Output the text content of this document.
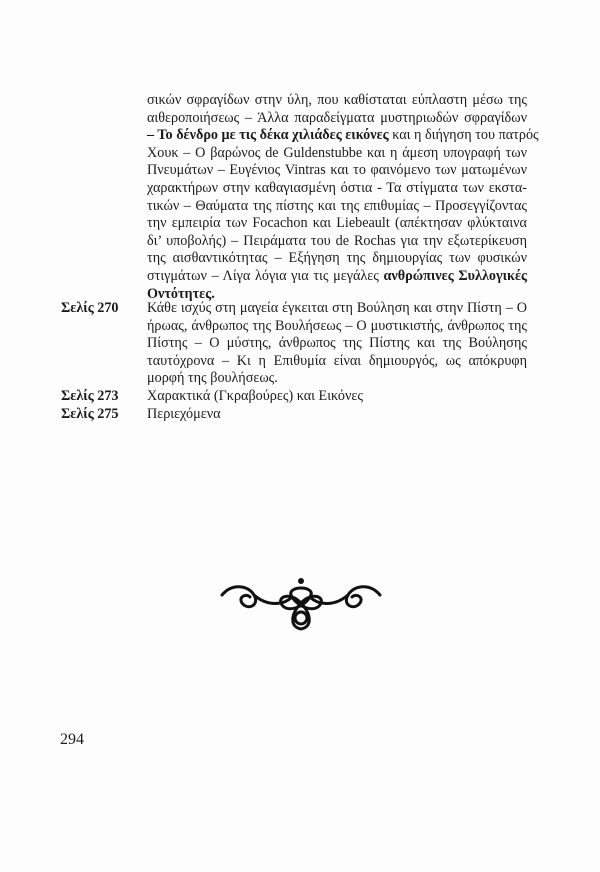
σικών σφραγίδων στην ύλη, που καθίσταται εύπλαστη μέσω της
αιθεροποιήσεως – Άλλα παραδείγματα μυστηριωδών σφραγίδων
– Το δένδρο με τις δέκα χιλιάδες εικόνες και η διήγηση του πατρός
Χουκ – Ο βαρώνος de Guldenstubbe και η άμεση υπογραφή των
Πνευμάτων – Ευγένιος Vintras και το φαινόμενο των ματωμένων
χαρακτήρων στην καθαγιασμένη όστια - Τα στίγματα των εκστα-
τικών – Θαύματα της πίστης και της επιθυμίας – Προσεγγίζοντας
την εμπειρία των Focachon και Liebeault (απέκτησαν φλύκταινα
δι’ υποβολής) – Πειράματα του de Rochas για την εξωτερίκευση
της αισθαντικότητας – Εξήγηση της δημιουργίας των φυσικών
στιγμάτων – Λίγα λόγια για τις μεγάλες ανθρώπινες Συλλογικές
Οντότητες.
Σελίς 270 Κάθε ισχύς στη μαγεία έγκειται στη Βούληση και στην Πίστη – Ο
ήρωας, άνθρωπος της Βουλήσεως – Ο μυστικιστής, άνθρωπος της
Πίστης – Ο μύστης, άνθρωπος της Πίστης και της Βούλησης
ταυτόχρονα – Κι η Επιθυμία είναι δημιουργός, ως απόκρυφη
μορφή της βουλήσεως.
Σελίς 273 Χαρακτικά (Γκραβούρες) και Εικόνες
Σελίς 275 Περιεχόμενα
294
